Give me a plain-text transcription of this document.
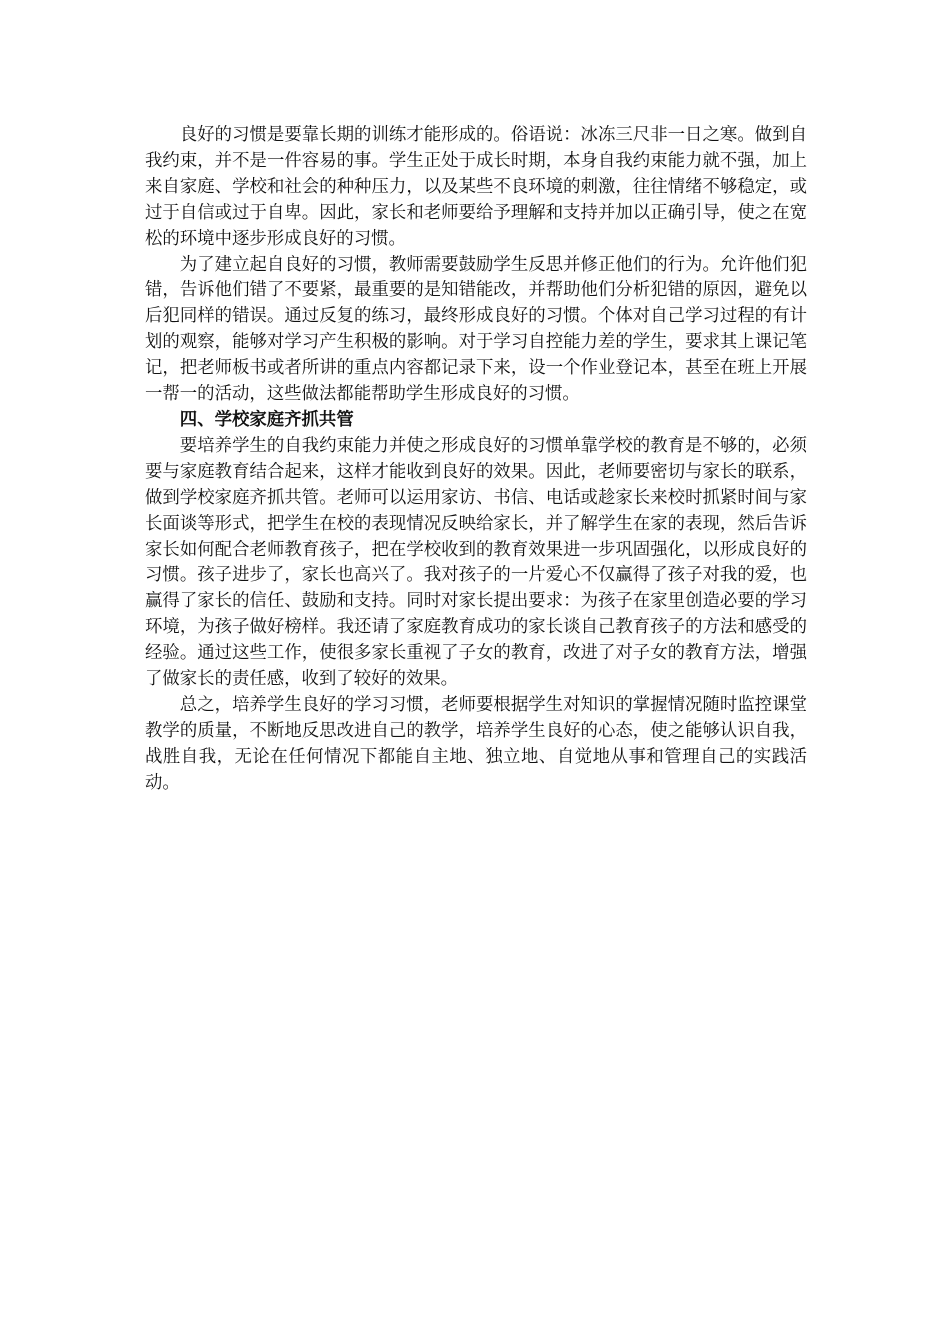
良好的习惯是要靠长期的训练才能形成的。俗语说：冰冻三尺非一日之寒。做到自我约束，并不是一件容易的事。学生正处于成长时期，本身自我约束能力就不强，加上来自家庭、学校和社会的种种压力，以及某些不良环境的刺激，往往情绪不够稳定，或过于自信或过于自卑。因此，家长和老师要给予理解和支持并加以正确引导，使之在宽松的环境中逐步形成良好的习惯。

为了建立起自良好的习惯，教师需要鼓励学生反思并修正他们的行为。允许他们犯错，告诉他们错了不要紧，最重要的是知错能改，并帮助他们分析犯错的原因，避免以后犯同样的错误。通过反复的练习，最终形成良好的习惯。个体对自己学习过程的有计划的观察，能够对学习产生积极的影响。对于学习自控能力差的学生，要求其上课记笔记，把老师板书或者所讲的重点内容都记录下来，设一个作业登记本，甚至在班上开展一帮一的活动，这些做法都能帮助学生形成良好的习惯。

四、学校家庭齐抓共管

要培养学生的自我约束能力并使之形成良好的习惯单靠学校的教育是不够的，必须要与家庭教育结合起来，这样才能收到良好的效果。因此，老师要密切与家长的联系，做到学校家庭齐抓共管。老师可以运用家访、书信、电话或趁家长来校时抓紧时间与家长面谈等形式，把学生在校的表现情况反映给家长，并了解学生在家的表现，然后告诉家长如何配合老师教育孩子，把在学校收到的教育效果进一步巩固强化，以形成良好的习惯。孩子进步了，家长也高兴了。我对孩子的一片爱心不仅赢得了孩子对我的爱，也赢得了家长的信任、鼓励和支持。同时对家长提出要求：为孩子在家里创造必要的学习环境，为孩子做好榜样。我还请了家庭教育成功的家长谈自己教育孩子的方法和感受的经验。通过这些工作，使很多家长重视了子女的教育，改进了对子女的教育方法，增强了做家长的责任感，收到了较好的效果。

总之，培养学生良好的学习习惯，老师要根据学生对知识的掌握情况随时监控课堂教学的质量，不断地反思改进自己的教学，培养学生良好的心态，使之能够认识自我，战胜自我，无论在任何情况下都能自主地、独立地、自觉地从事和管理自己的实践活动。
